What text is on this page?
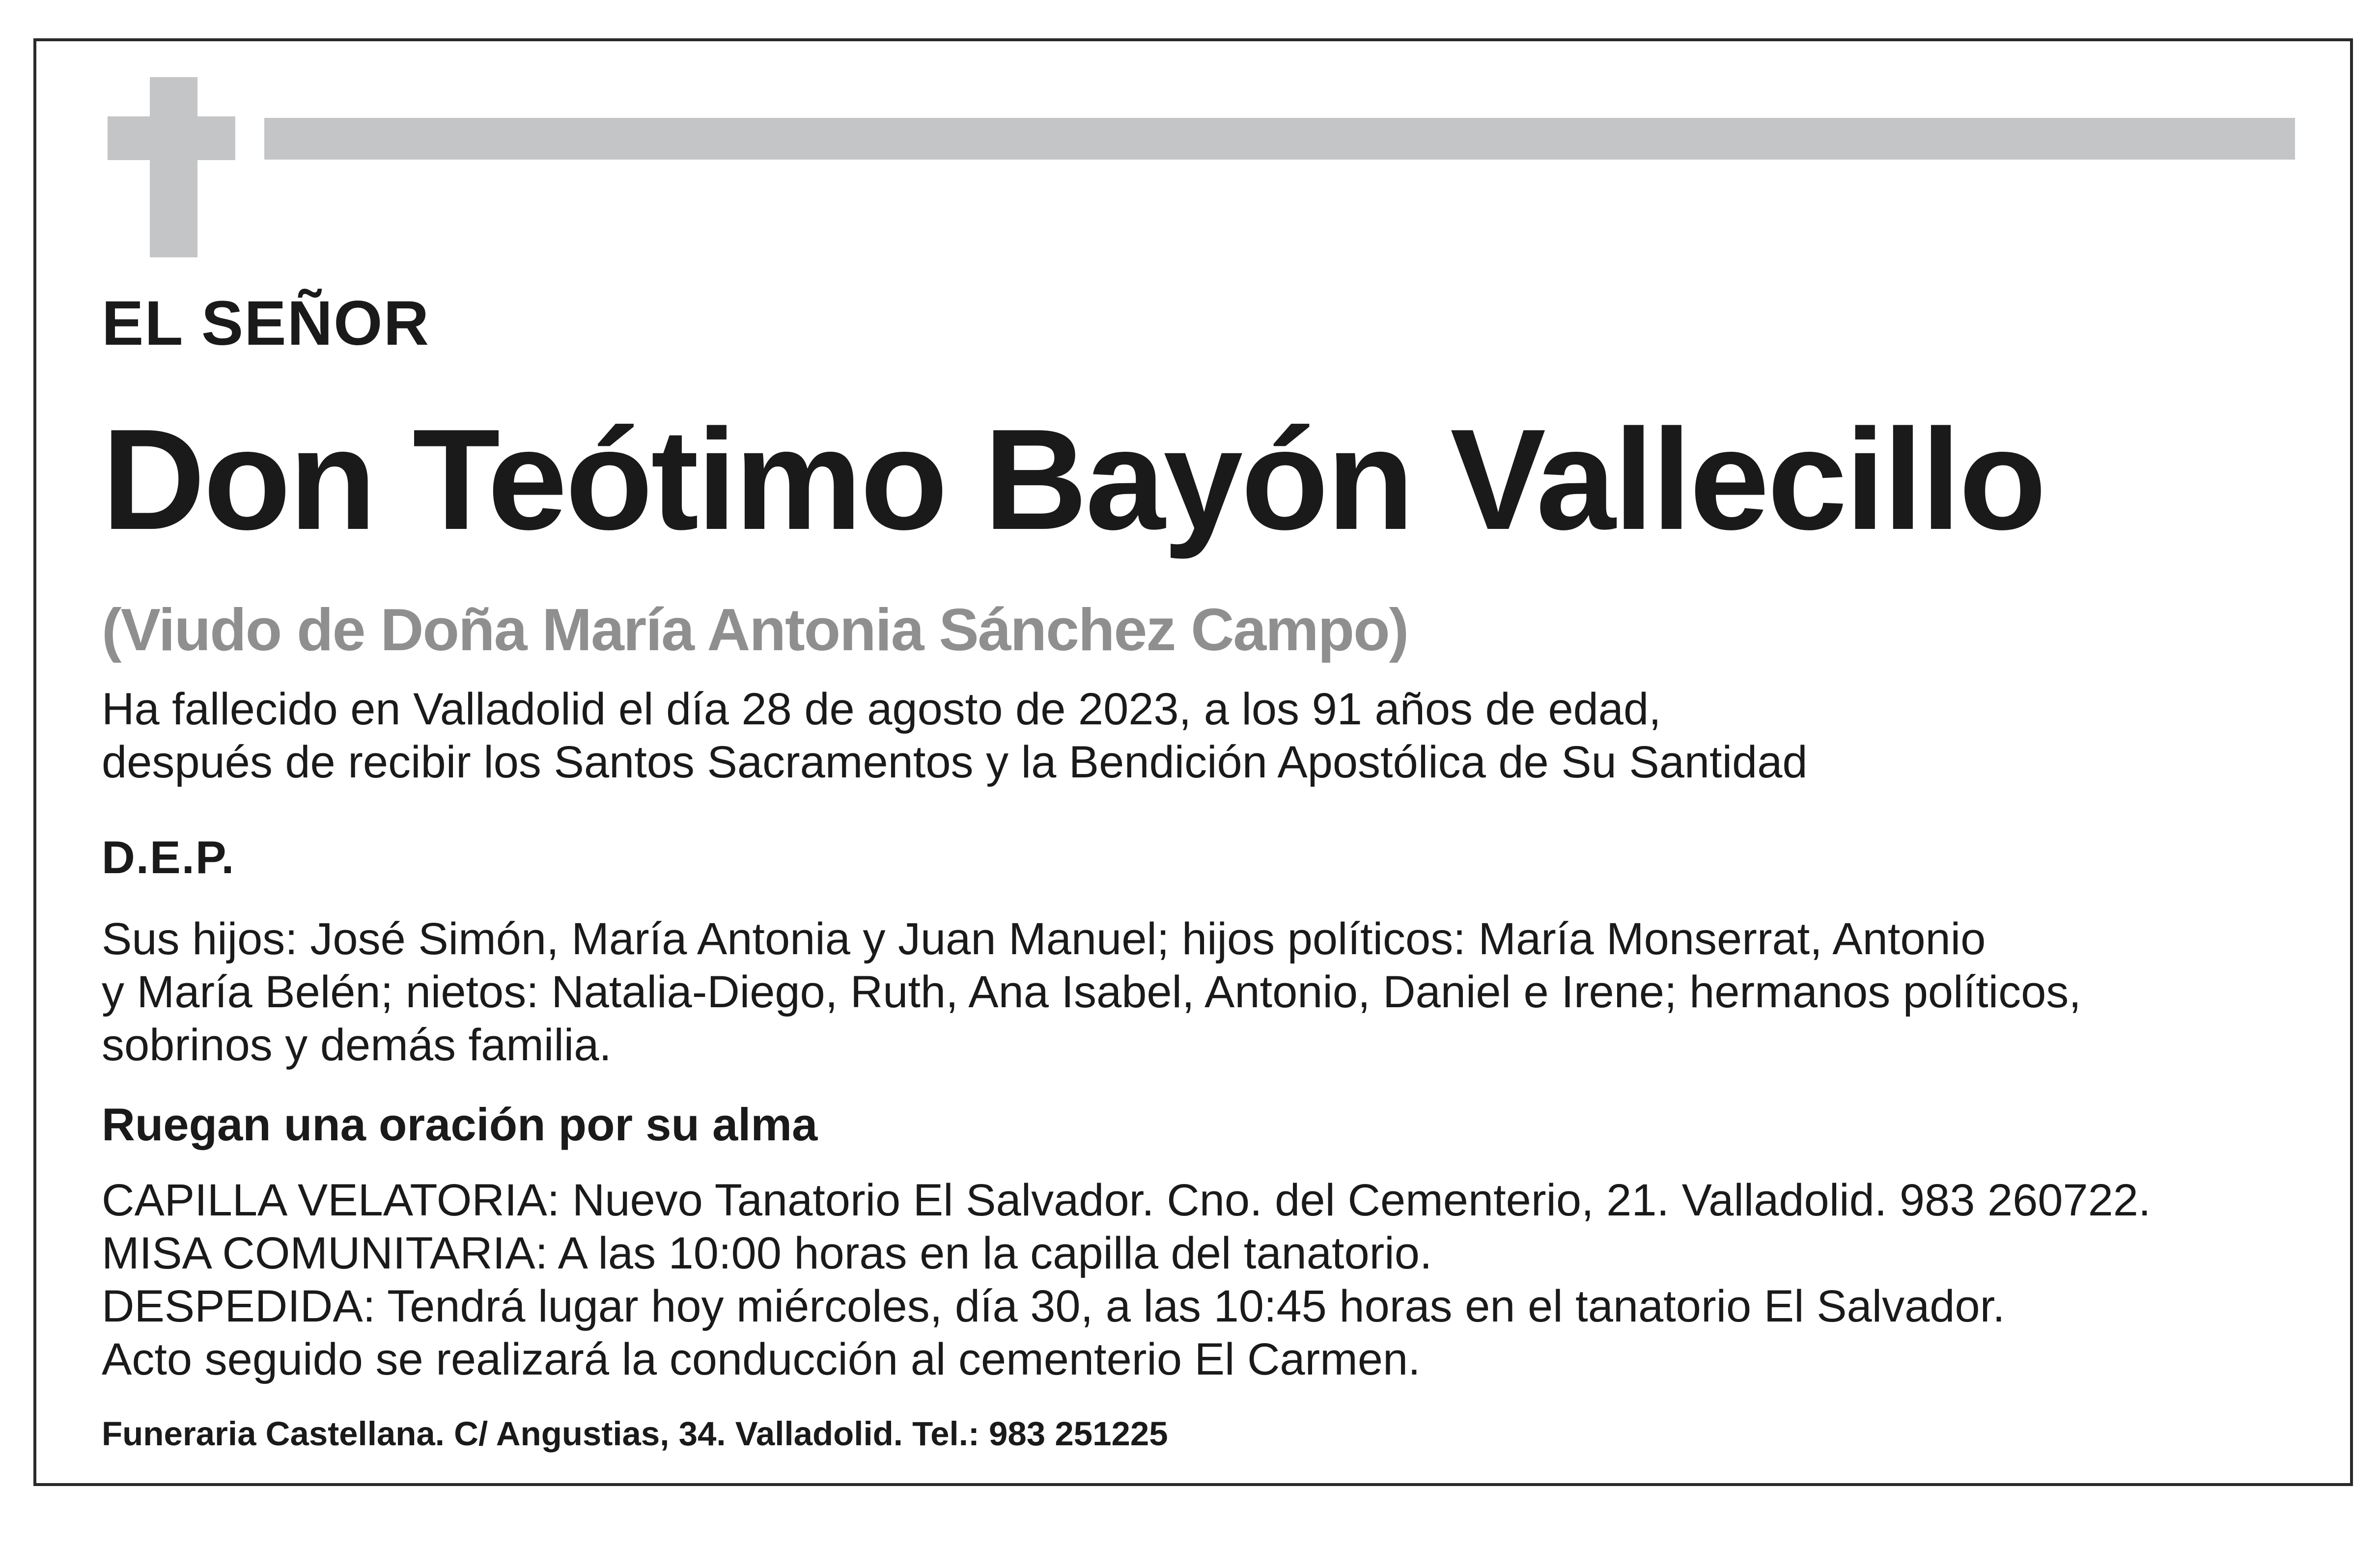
EL SEÑOR
Don Teótimo Bayón Vallecillo
(Viudo de Doña María Antonia Sánchez Campo)
Ha fallecido en Valladolid el día 28 de agosto de 2023, a los 91 años de edad,
después de recibir los Santos Sacramentos y la Bendición Apostólica de Su Santidad
D.E.P.
Sus hijos: José Simón, María Antonia y Juan Manuel; hijos políticos: María Monserrat, Antonio
y María Belén; nietos: Natalia-Diego, Ruth, Ana Isabel, Antonio, Daniel e Irene; hermanos políticos,
sobrinos y demás familia.
Ruegan una oración por su alma
CAPILLA VELATORIA: Nuevo Tanatorio El Salvador. Cno. del Cementerio, 21. Valladolid. 983 260722.
MISA COMUNITARIA: A las 10:00 horas en la capilla del tanatorio.
DESPEDIDA: Tendrá lugar hoy miércoles, día 30, a las 10:45 horas en el tanatorio El Salvador.
Acto seguido se realizará la conducción al cementerio El Carmen.
Funeraria Castellana. C/ Angustias, 34. Valladolid. Tel.: 983 251225
